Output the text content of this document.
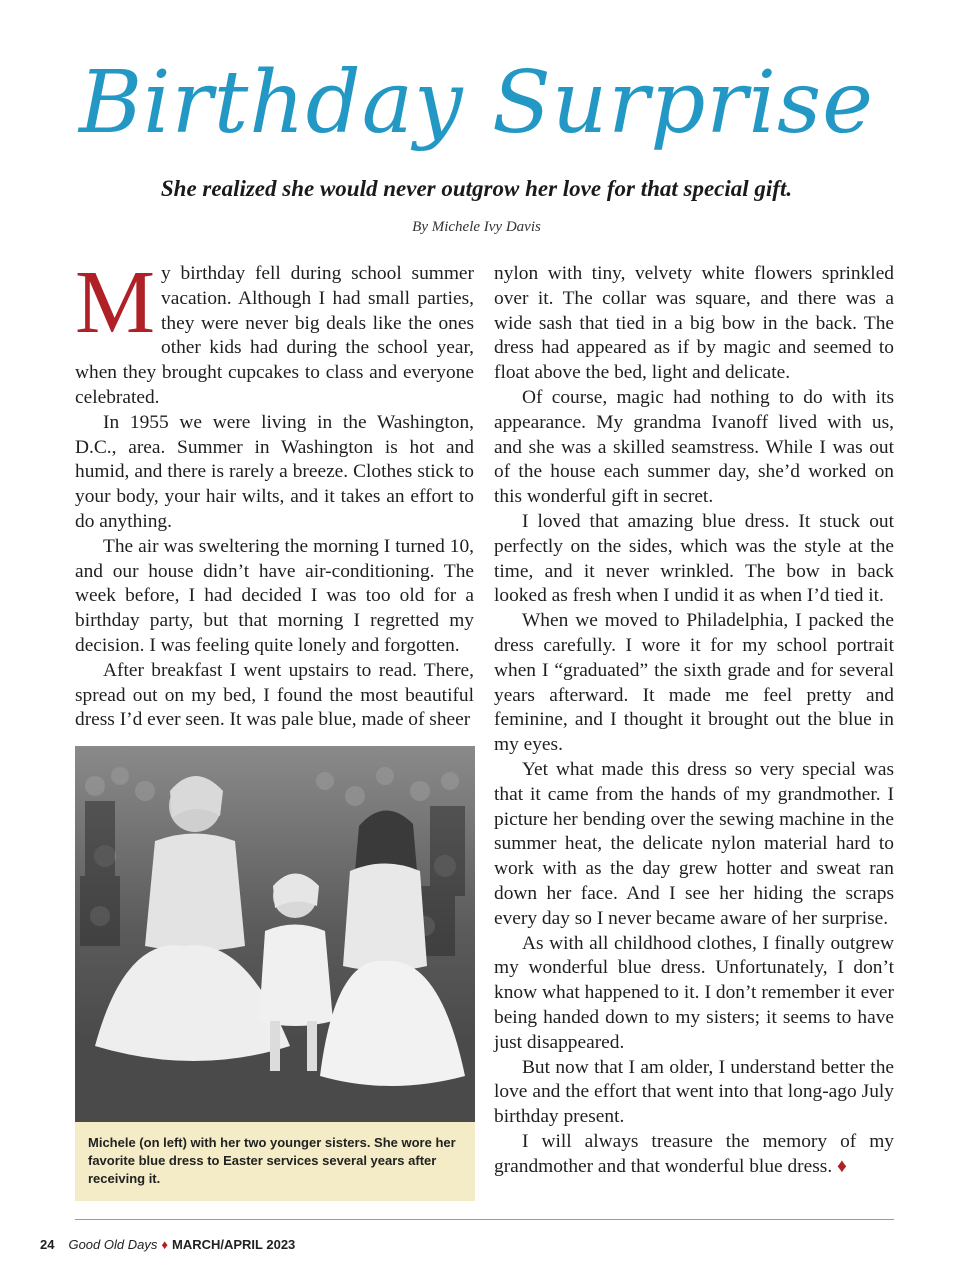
Birthday Surprise
She realized she would never outgrow her love for that special gift.
By Michele Ivy Davis

My birthday fell during school summer vacation. Although I had small parties, they were never big deals like the ones other kids had during the school year, when they brought cupcakes to class and everyone celebrated.

In 1955 we were living in the Washington, D.C., area. Summer in Washington is hot and humid, and there is rarely a breeze. Clothes stick to your body, your hair wilts, and it takes an effort to do anything.

The air was sweltering the morning I turned 10, and our house didn’t have air-conditioning. The week before, I had decided I was too old for a birthday party, but that morning I regretted my decision. I was feeling quite lonely and forgotten.

After breakfast I went upstairs to read. There, spread out on my bed, I found the most beautiful dress I’d ever seen. It was pale blue, made of sheer

Michele (on left) with her two younger sisters. She wore her favorite blue dress to Easter services several years after receiving it.

nylon with tiny, velvety white flowers sprinkled over it. The collar was square, and there was a wide sash that tied in a big bow in the back. The dress had appeared as if by magic and seemed to float above the bed, light and delicate.

Of course, magic had nothing to do with its appearance. My grandma Ivanoff lived with us, and she was a skilled seamstress. While I was out of the house each summer day, she’d worked on this wonderful gift in secret.

I loved that amazing blue dress. It stuck out perfectly on the sides, which was the style at the time, and it never wrinkled. The bow in back looked as fresh when I undid it as when I’d tied it.

When we moved to Philadelphia, I packed the dress carefully. I wore it for my school portrait when I “graduated” the sixth grade and for several years afterward. It made me feel pretty and feminine, and I thought it brought out the blue in my eyes.

Yet what made this dress so very special was that it came from the hands of my grandmother. I picture her bending over the sewing machine in the summer heat, the delicate nylon material hard to work with as the day grew hotter and sweat ran down her face. And I see her hiding the scraps every day so I never became aware of her surprise.

As with all childhood clothes, I finally outgrew my wonderful blue dress. Unfortunately, I don’t know what happened to it. I don’t remember it ever being handed down to my sisters; it seems to have just disappeared.

But now that I am older, I understand better the love and the effort that went into that long-ago July birthday present.

I will always treasure the memory of my grandmother and that wonderful blue dress. ♦

24 Good Old Days ♦ MARCH/APRIL 2023
